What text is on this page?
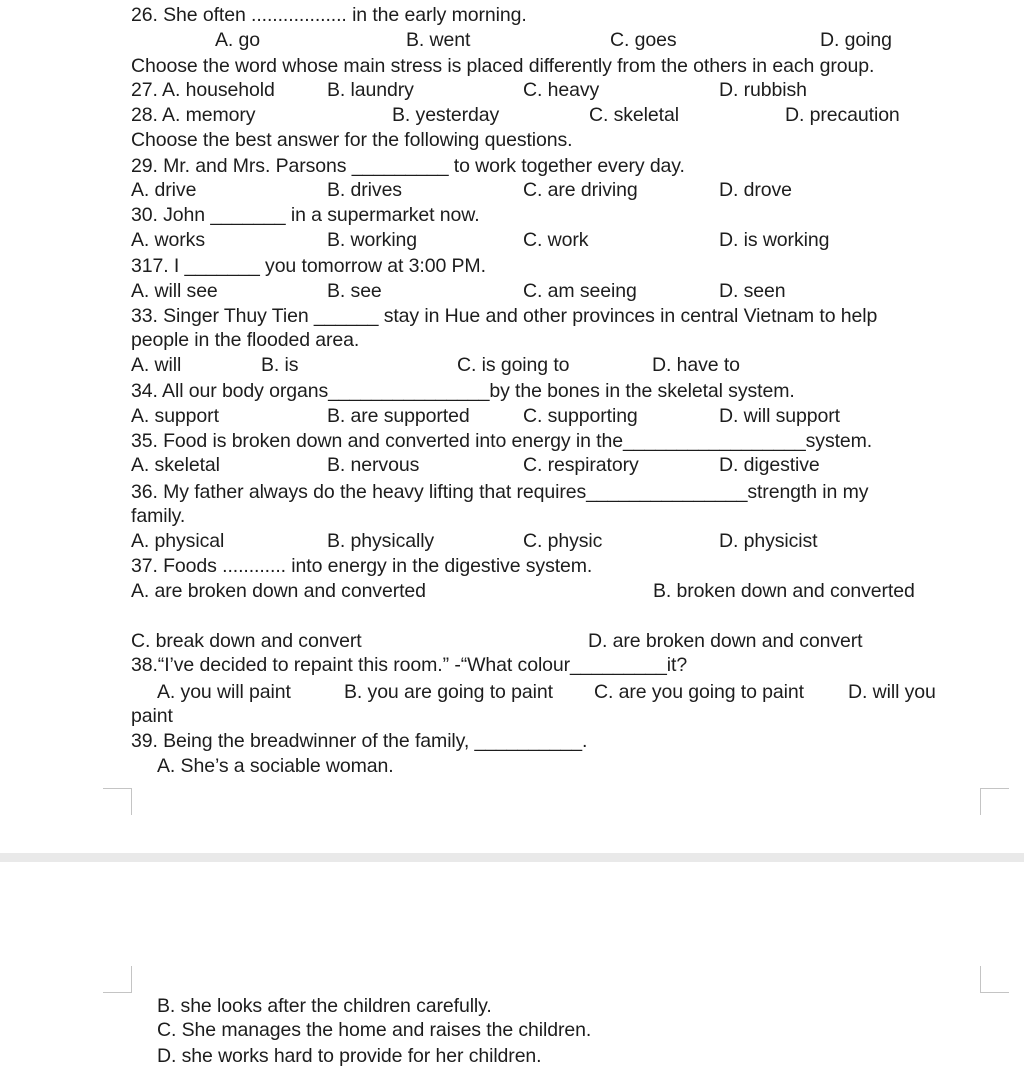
26. She often .................. in the early morning.
A. go	B. went	C. goes	D. going
Choose the word whose main stress is placed differently from the others in each group.
27. A. household	B. laundry	C. heavy	D. rubbish
28. A. memory	B. yesterday	C. skeletal	D. precaution
Choose the best answer for the following questions.
29. Mr. and Mrs. Parsons _________ to work together every day.
A. drive	B. drives	C. are driving	D. drove
30. John _______ in a supermarket now.
A. works	B. working	C. work	D. is working
317. I _______ you tomorrow at 3:00 PM.
A. will see	B. see	C. am seeing	D. seen
33. Singer Thuy Tien ______ stay in Hue and other provinces in central Vietnam to help
people in the flooded area.
A. will	B. is	C. is going to	D. have to
34. All our body organs_______________by the bones in the skeletal system.
A. support	B. are supported	C. supporting	D. will support
35. Food is broken down and converted into energy in the_________________system.
A. skeletal	B. nervous	C. respiratory	D. digestive
36. My father always do the heavy lifting that requires_______________strength in my
family.
A. physical	B. physically	C. physic	D. physicist
37. Foods ............ into energy in the digestive system.
A. are broken down and converted	B. broken down and converted
C. break down and convert	D. are broken down and convert
38.“I’ve decided to repaint this room.” -“What colour_________it?
A. you will paint	B. you are going to paint C. are you going to paint D. will you
paint
39. Being the breadwinner of the family, __________.
A. She’s a sociable woman.
B. she looks after the children carefully.
C. She manages the home and raises the children.
D. she works hard to provide for her children.
